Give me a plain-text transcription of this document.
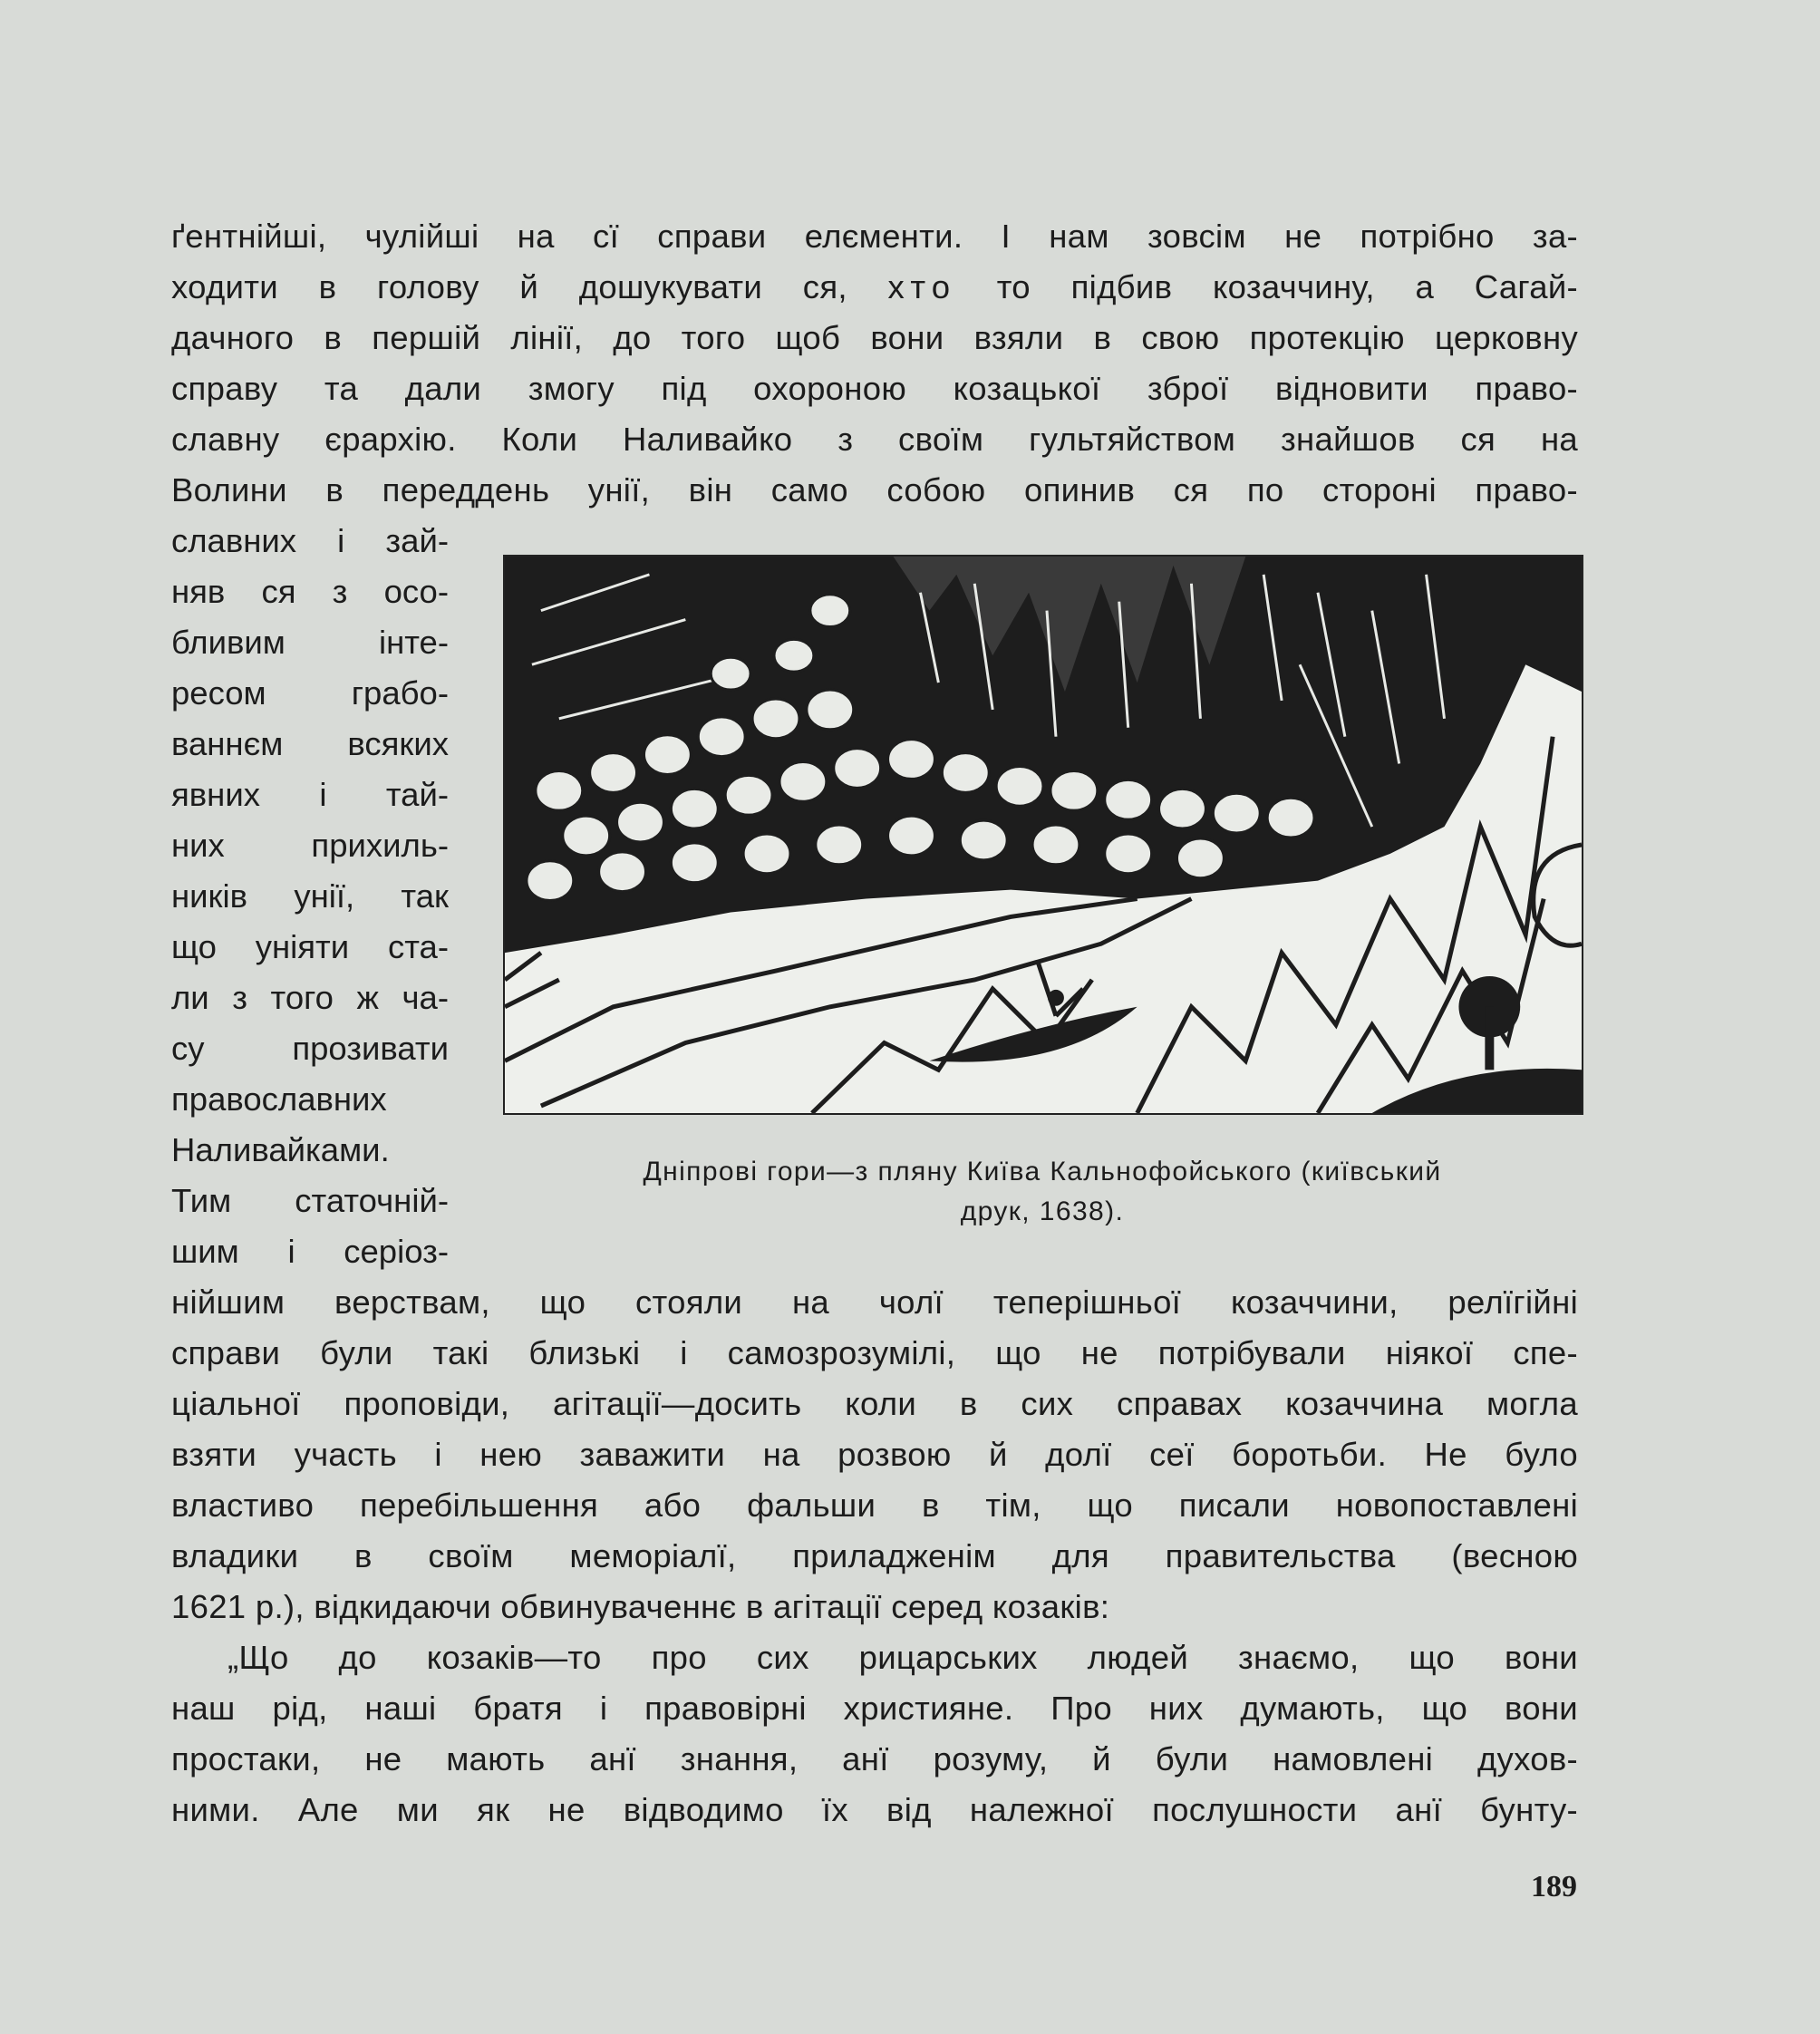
ґентнійші, чулійші на сї справи елєменти. І нам зовсім не потрібно за-
ходити в голову й дошукувати ся, хто то підбив козаччину, а Сагай-
дачного в першій лінії, до того щоб вони взяли в свою протекцію церковну
справу та дали змогу під охороною козацької зброї відновити право-
славну єрархію. Коли Наливайко з своїм гультяйством знайшов ся на
Волини в переддень унії, він само собою опинив ся по стороні право-
славних і зай-
няв ся з осо-
бливим інте-
ресом грабо-
ваннєм всяких
явних і тай-
них прихиль-
ників унії, так
що уніяти ста-
ли з того ж ча-
су прозивати
православних
Наливайками.
Тим статочній-
шим і серіоз-
Дніпрові гори—з пляну Київа Кальнофойського (київський
друк, 1638).
нійшим верствам, що стояли на чолї теперішньої козаччини, релїгійні
справи були такі близькі і самозрозумілі, що не потрібували ніякої спе-
ціальної проповіди, агітації—досить коли в сих справах козаччина могла
взяти участь і нею заважити на розвою й долї сеї боротьби. Не було
властиво перебільшення або фальши в тім, що писали новопоставлені
владики в своїм меморіалї, приладженім для правительства (весною
1621 р.), відкидаючи обвинуваченнє в агітації серед козаків:
„Що до козаків—то про сих рицарських людей знаємо, що вони
наш рід, наші братя і правовірні християне. Про них думають, що вони
простаки, не мають анї знання, анї розуму, й були намовлені духов-
ними. Але ми як не відводимо їх від належної послушности анї бунту-
189
